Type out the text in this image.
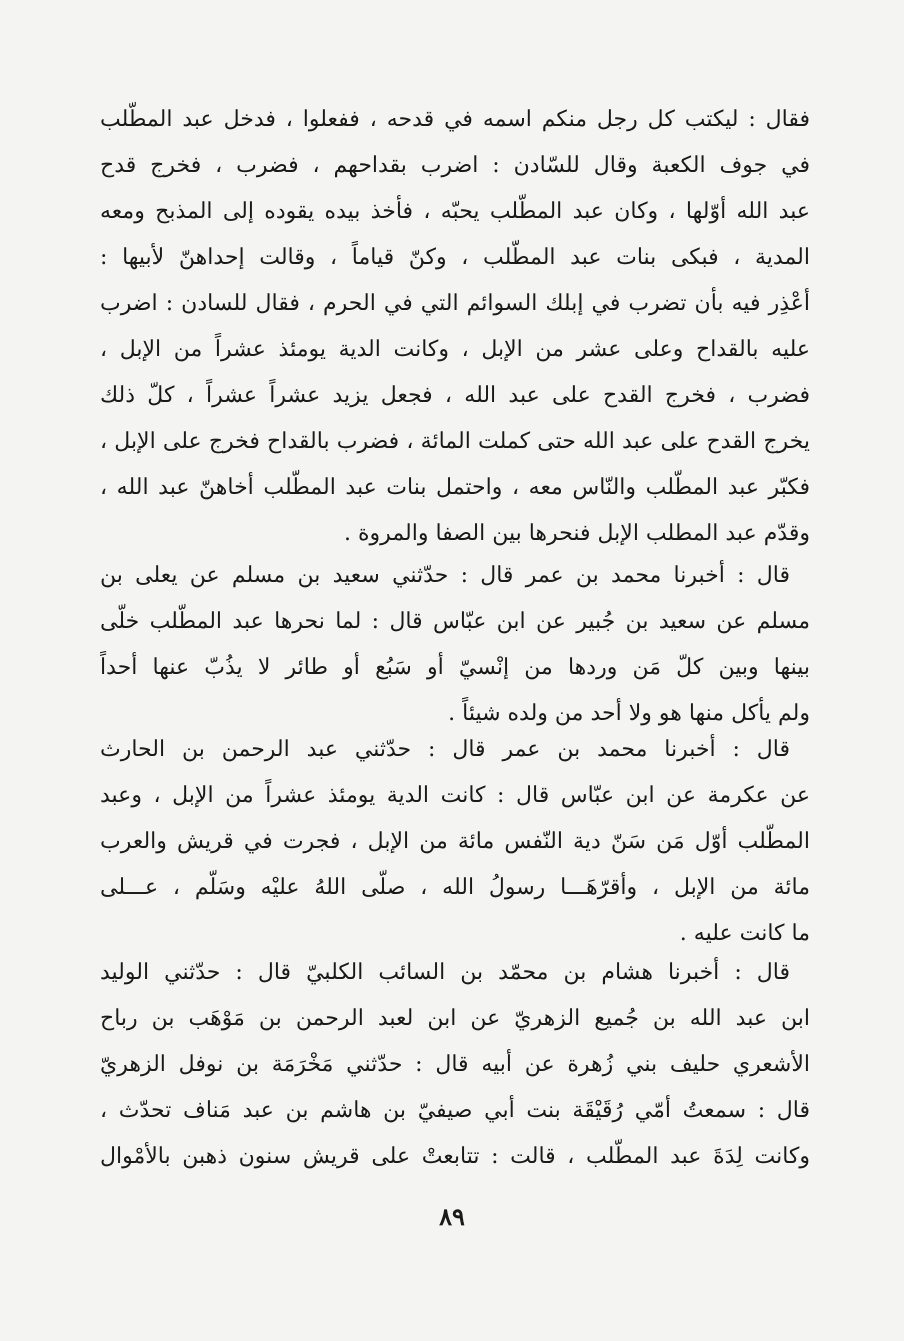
فقال : ليكتب كل رجل منكم اسمه في قدحه ، ففعلوا ، فدخل عبد المطّلب
في جوف الكعبة وقال للسّادن : اضرب بقداحهم ، فضرب ، فخرج قدح
عبد الله أوّلها ، وكان عبد المطّلب يحبّه ، فأخذ بيده يقوده إلى المذبح ومعه
المدية ، فبكى بنات عبد المطّلب ، وكنّ قياماً ، وقالت إحداهنّ لأبيها :
أعْذِر فيه بأن تضرب في إبلك السوائم التي في الحرم ، فقال للسادن : اضرب
عليه بالقداح وعلى عشر من الإبل ، وكانت الدية يومئذ عشراً من الإبل ،
فضرب ، فخرج القدح على عبد الله ، فجعل يزيد عشراً عشراً ، كلّ ذلك
يخرج القدح على عبد الله حتى كملت المائة ، فضرب بالقداح فخرج على الإبل ،
فكبّر عبد المطّلب والنّاس معه ، واحتمل بنات عبد المطّلب أخاهنّ عبد الله ،
وقدّم عبد المطلب الإبل فنحرها بين الصفا والمروة .
قال : أخبرنا محمد بن عمر قال : حدّثني سعيد بن مسلم عن يعلى بن
مسلم عن سعيد بن جُبير عن ابن عبّاس قال : لما نحرها عبد المطّلب خلّى
بينها وبين كلّ مَن وردها من إنْسيّ أو سَبُع أو طائر لا يذُبّ عنها أحداً
ولم يأكل منها هو ولا أحد من ولده شيئاً .
قال : أخبرنا محمد بن عمر قال : حدّثني عبد الرحمن بن الحارث
عن عكرمة عن ابن عبّاس قال : كانت الدية يومئذ عشراً من الإبل ، وعبد
المطّلب أوّل مَن سَنّ دية النّفس مائة من الإبل ، فجرت في قريش والعرب
مائة من الإبل ، وأقرّهَـــا رسولُ الله ، صلّى اللهُ عليْه وسَلّم ، عـــلى
ما كانت عليه .
قال : أخبرنا هشام بن محمّد بن السائب الكلبيّ قال : حدّثني الوليد
ابن عبد الله بن جُميع الزهريّ عن ابن لعبد الرحمن بن مَوْهَب بن رباح
الأشعري حليف بني زُهرة عن أبيه قال : حدّثني مَخْرَمَة بن نوفل الزهريّ
قال : سمعتُ أمّي رُقَيْقَة بنت أبي صيفيّ بن هاشم بن عبد مَناف تحدّث ،
وكانت لِدَةَ عبد المطّلب ، قالت : تتابعتْ على قريش سنون ذهبن بالأمْوال
٨٩
